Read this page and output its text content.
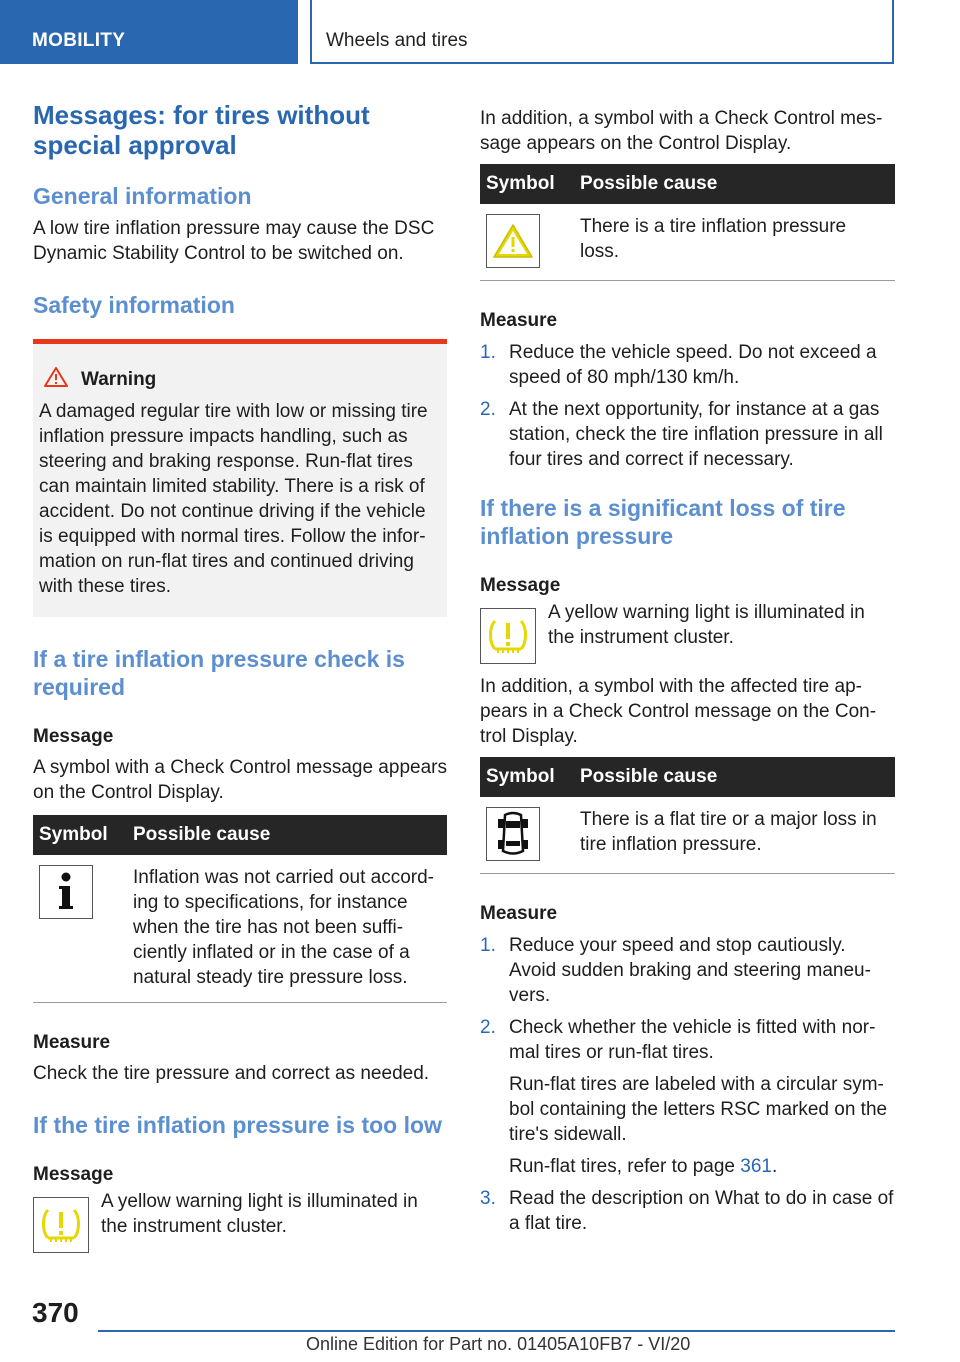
MOBILITY	Wheels and tires
Messages: for tires without special approval
General information

A low tire inflation pressure may cause the DSC Dynamic Stability Control to be switched on.

Safety information
Warning

A damaged regular tire with low or missing tire inflation pressure impacts handling, such as steering and braking response. Run-flat tires can maintain limited stability. There is a risk of accident. Do not continue driving if the vehicle is equipped with normal tires. Follow the information on run-flat tires and continued driving with these tires.

If a tire inflation pressure check is required
Message

A symbol with a Check Control message appears on the Control Display.

Symbol	Possible cause

	Inflation was not carried out according to specifications, for instance when the tire has not been sufficiently inflated or in the case of a natural steady tire pressure loss.
Measure

Check the tire pressure and correct as needed.

If the tire inflation pressure is too low
Message

A yellow warning light is illuminated in the instrument cluster.

In addition, a symbol with a Check Control message appears on the Control Display.

Symbol	Possible cause

	There is a tire inflation pressure loss.
Measure
1. Reduce the vehicle speed. Do not exceed a speed of 80 mph/130 km/h.
2. At the next opportunity, for instance at a gas station, check the tire inflation pressure in all four tires and correct if necessary.
If there is a significant loss of tire inflation pressure
Message

A yellow warning light is illuminated in the instrument cluster.

In addition, a symbol with the affected tire appears in a Check Control message on the Control Display.

Symbol	Possible cause

	There is a flat tire or a major loss in tire inflation pressure.
Measure
1. Reduce your speed and stop cautiously. Avoid sudden braking and steering maneuvers.
2. Check whether the vehicle is fitted with normal tires or run-flat tires.
Run-flat tires are labeled with a circular symbol containing the letters RSC marked on the tire's sidewall.
Run-flat tires, refer to page 361.
3. Read the description on What to do in case of a flat tire.
370
Online Edition for Part no. 01405A10FB7 - VI/20
